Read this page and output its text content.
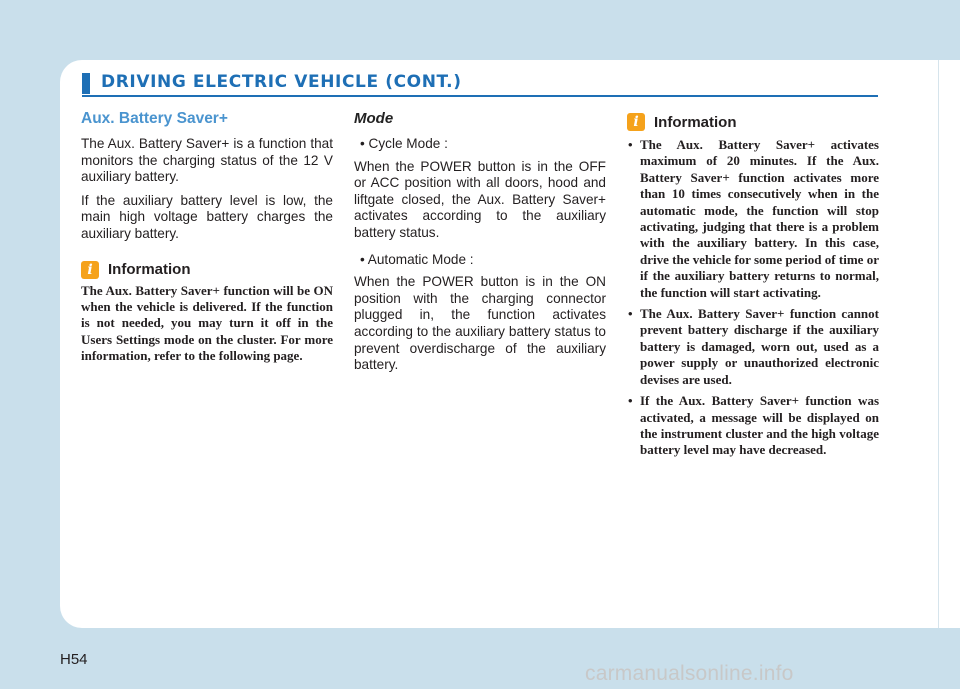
DRIVING ELECTRIC VEHICLE (CONT.)
Aux. Battery Saver+

The Aux. Battery Saver+ is a function that monitors the charging status of the 12 V auxiliary battery.

If the auxiliary battery level is low, the main high voltage battery charges the auxiliary battery.

i	Information

The Aux. Battery Saver+ function will be ON when the vehicle is delivered. If the function is not needed, you may turn it off in the Users Settings mode on the cluster. For more information, refer to the following page.

Mode
• Cycle Mode :

When the POWER button is in the OFF or ACC position with all doors, hood and liftgate closed, the Aux. Battery Saver+ activates according to the auxiliary battery status.

• Automatic Mode :

When the POWER button is in the ON position with the charging connector plugged in, the function activates according to the auxiliary battery status to prevent overdischarge of the auxiliary battery.

i	Information
• The Aux. Battery Saver+ activates maximum of 20 minutes. If the Aux. Battery Saver+ function activates more than 10 times consecutively when in the automatic mode, the function will stop activating, judging that there is a problem with the auxiliary battery. In this case, drive the vehicle for some period of time or if the auxiliary battery returns to normal, the function will start activating.
• The Aux. Battery Saver+ function cannot prevent battery discharge if the auxiliary battery is damaged, worn out, used as a power supply or unauthorized electronic devises are used.
• If the Aux. Battery Saver+ function was activated, a message will be displayed on the instrument cluster and the high voltage battery level may have decreased.
H54
carmanualsonline.info
